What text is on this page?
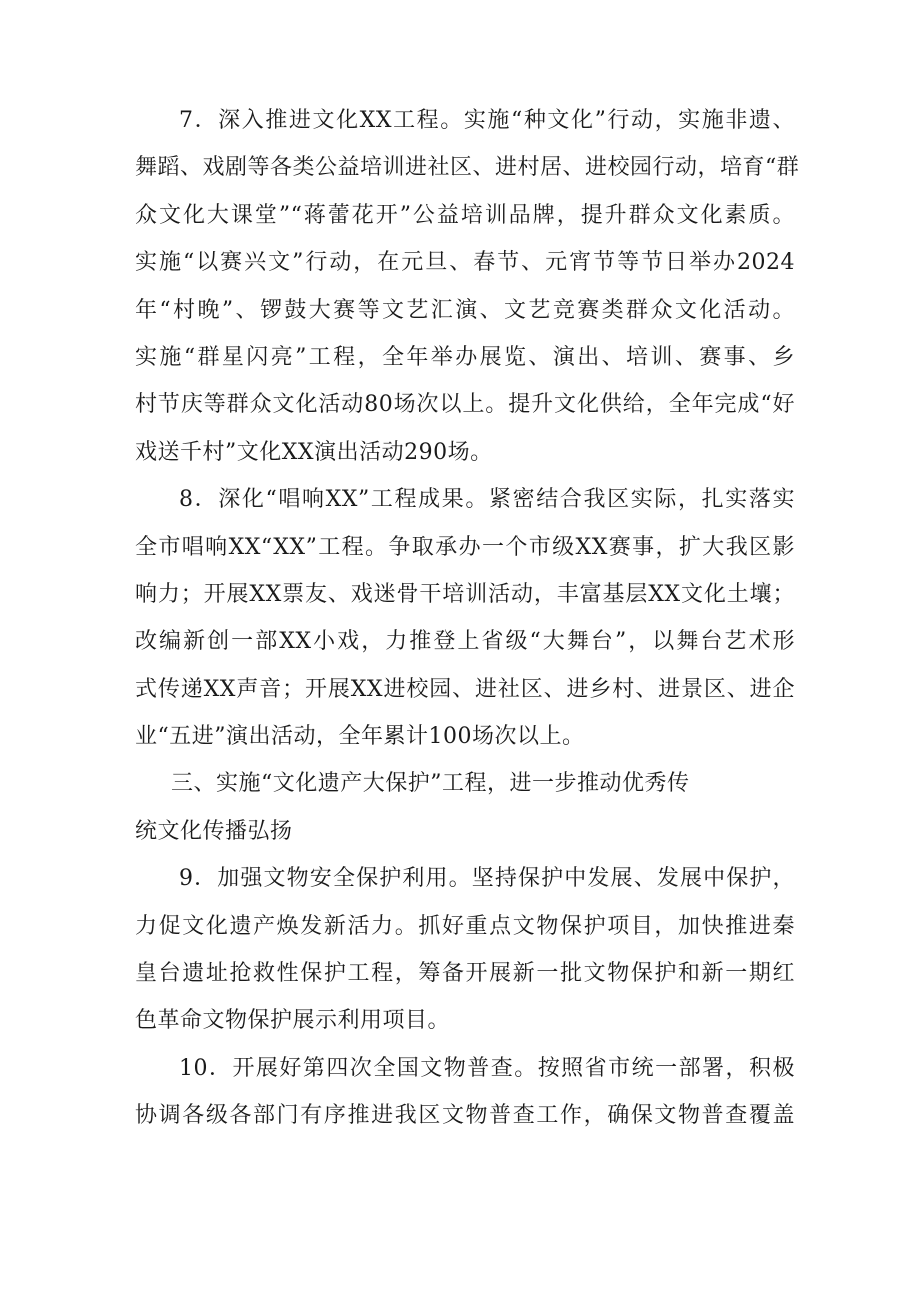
7．深入推进文化XX工程。实施“种文化”行动，实施非遗、
舞蹈、戏剧等各类公益培训进社区、进村居、进校园行动，培育“群
众文化大课堂”“蒋蕾花开”公益培训品牌，提升群众文化素质。
实施“以赛兴文”行动，在元旦、春节、元宵节等节日举办2024
年“村晚”、锣鼓大赛等文艺汇演、文艺竞赛类群众文化活动。
实施“群星闪亮”工程，全年举办展览、演出、培训、赛事、乡
村节庆等群众文化活动80场次以上。提升文化供给，全年完成“好
戏送千村”文化XX演出活动290场。
8．深化“唱响XX”工程成果。紧密结合我区实际，扎实落实
全市唱响XX“XX”工程。争取承办一个市级XX赛事，扩大我区影
响力；开展XX票友、戏迷骨干培训活动，丰富基层XX文化土壤；
改编新创一部XX小戏，力推登上省级“大舞台”，以舞台艺术形
式传递XX声音；开展XX进校园、进社区、进乡村、进景区、进企
业“五进”演出活动，全年累计100场次以上。
三、实施“文化遗产大保护”工程，进一步推动优秀传
统文化传播弘扬
9．加强文物安全保护利用。坚持保护中发展、发展中保护，
力促文化遗产焕发新活力。抓好重点文物保护项目，加快推进秦
皇台遗址抢救性保护工程，筹备开展新一批文物保护和新一期红
色革命文物保护展示利用项目。
10．开展好第四次全国文物普查。按照省市统一部署，积极
协调各级各部门有序推进我区文物普查工作，确保文物普查覆盖
